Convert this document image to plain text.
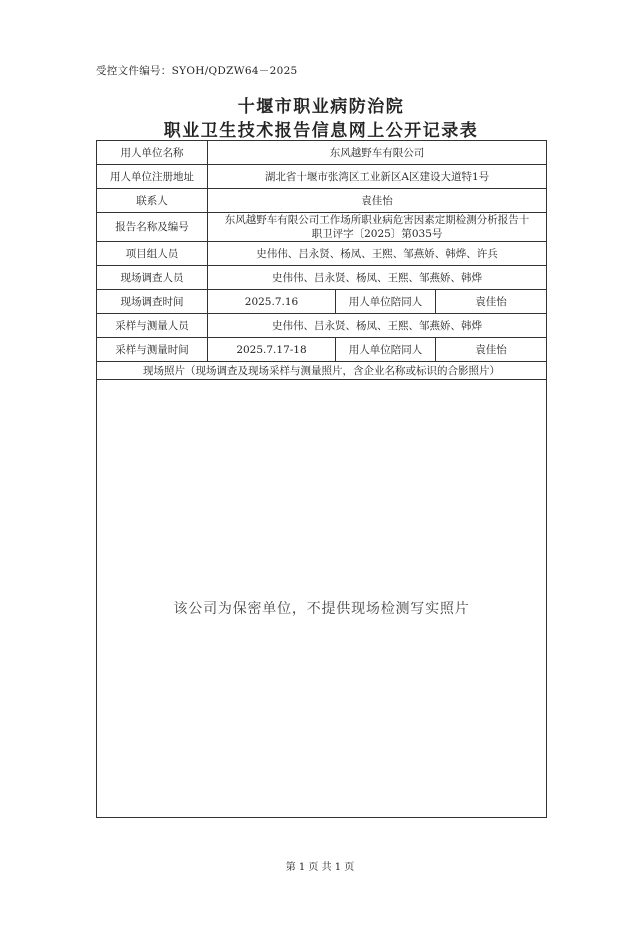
受控文件编号：SYOH/QDZW64－2025
十堰市职业病防治院
职业卫生技术报告信息网上公开记录表
用人单位名称	东风越野车有限公司		
用人单位注册地址	湖北省十堰市张湾区工业新区A区建设大道特1号		
联系人	袁佳怡		
报告名称及编号	东风越野车有限公司工作场所职业病危害因素定期检测分析报告十
职卫评字〔2025〕第035号		

项目组人员	史伟伟、吕永贤、杨凤、王熙、邹燕娇、韩烨、许兵		
现场调查人员	史伟伟、吕永贤、杨凤、王熙、邹燕娇、韩烨		
现场调查时间	2025.7.16	用人单位陪同人	袁佳怡
采样与测量人员	史伟伟、吕永贤、杨凤、王熙、邹燕娇、韩烨		
采样与测量时间	2025.7.17-18	用人单位陪同人	袁佳怡
现场照片（现场调查及现场采样与测量照片，含企业名称或标识的合影照片）			

该公司为保密单位，不提供现场检测写实照片			
第 1 页 共 1 页
